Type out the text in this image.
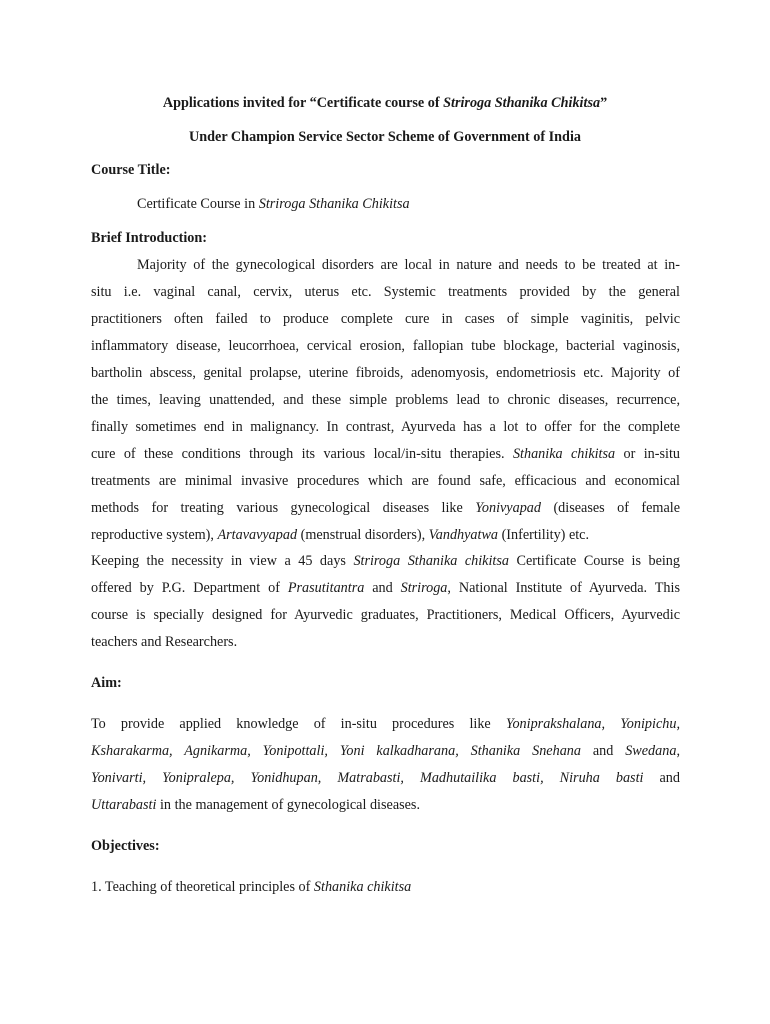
Applications invited for “Certificate course of Striroga Sthanika Chikitsa”
Under Champion Service Sector Scheme of Government of India
Course Title:
Certificate Course in Striroga Sthanika Chikitsa
Brief Introduction:
Majority of the gynecological disorders are local in nature and needs to be treated at in-
situ i.e. vaginal canal, cervix, uterus etc. Systemic treatments provided by the general
practitioners often failed to produce complete cure in cases of simple vaginitis, pelvic
inflammatory disease, leucorrhoea, cervical erosion, fallopian tube blockage, bacterial vaginosis,
bartholin abscess, genital prolapse, uterine fibroids, adenomyosis, endometriosis etc. Majority of
the times, leaving unattended, and these simple problems lead to chronic diseases, recurrence,
finally sometimes end in malignancy. In contrast, Ayurveda has a lot to offer for the complete
cure of these conditions through its various local/in-situ therapies. Sthanika chikitsa or in-situ
treatments are minimal invasive procedures which are found safe, efficacious and economical
methods for treating various gynecological diseases like Yonivyapad (diseases of female
reproductive system), Artavavyapad (menstrual disorders), Vandhyatwa (Infertility) etc.
Keeping the necessity in view a 45 days Striroga Sthanika chikitsa Certificate Course is being
offered by P.G. Department of Prasutitantra and Striroga, National Institute of Ayurveda. This
course is specially designed for Ayurvedic graduates, Practitioners, Medical Officers, Ayurvedic
teachers and Researchers.
Aim:
To provide applied knowledge of in-situ procedures like Yoniprakshalana, Yonipichu,
Ksharakarma, Agnikarma, Yonipottali, Yoni kalkadharana, Sthanika Snehana and Swedana,
Yonivarti, Yonipralepa, Yonidhupan, Matrabasti, Madhutailika basti, Niruha basti and
Uttarabasti in the management of gynecological diseases.
Objectives:
1. Teaching of theoretical principles of Sthanika chikitsa
